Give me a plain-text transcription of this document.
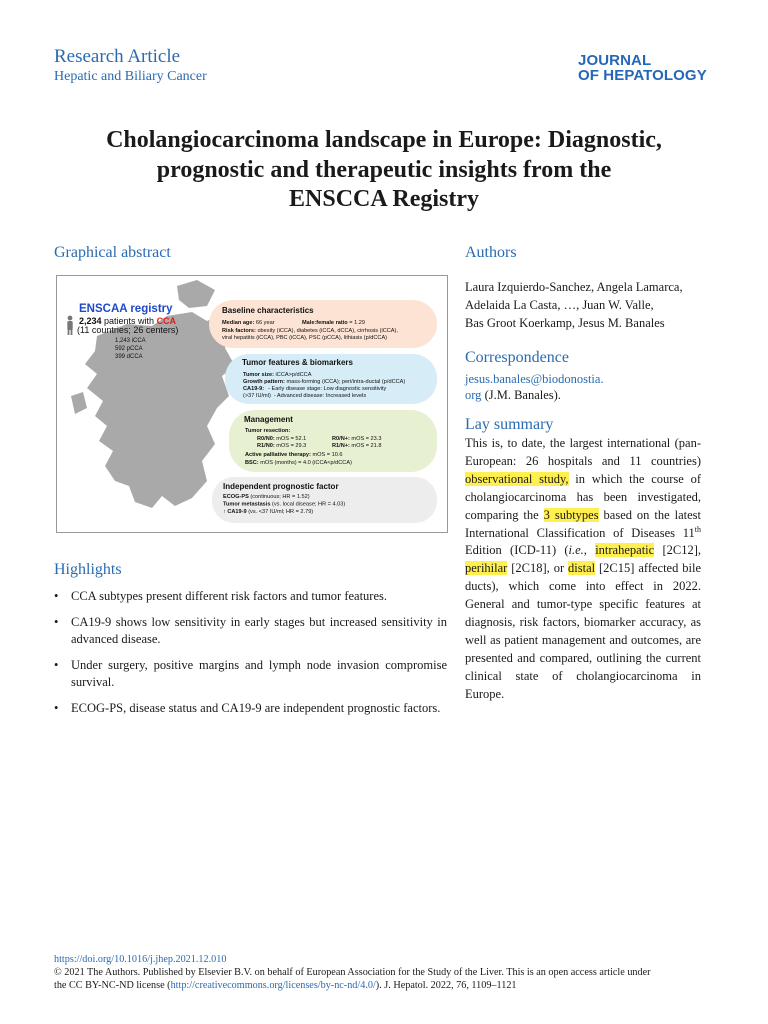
Research Article
Hepatic and Biliary Cancer
JOURNAL
OF HEPATOLOGY
Cholangiocarcinoma landscape in Europe: Diagnostic,
prognostic and therapeutic insights from the
ENSCCA Registry
Graphical abstract
Highlights
Authors
Correspondence
Lay summary
ENSCAA registry
2,234 patients with CCA
(11 countries; 26 centers)
1,243 iCCA
592 pCCA
399 dCCA
Baseline characteristics
Median age: 66 year	Male:female ratio = 1.29
Risk factors: obesity (iCCA), diabetes (iCCA, dCCA), cirrhosis (iCCA),
viral hepatitis (iCCA), PBC (iCCA), PSC (pCCA), lithiasis (p/dCCA)
Tumor features & biomarkers
Tumor size: iCCA>p/dCCA
Growth pattern: mass-forming (iCCA); peri/intra-ductal (p/dCCA)
CA19-9: - Early disease stage: Low diagnostic sensitivity
(>37 IU/ml) - Advanced disease: Increased levels
Management
Tumor resection:
R0/N0: mOS = 52.1	R0/N+: mOS = 23.3
R1/N0: mOS = 29.3	R1/N+: mOS = 21.8
Active palliative therapy: mOS = 10.6
BSC: mOS (months) = 4.0 (iCCA<p/dCCA)
Independent prognostic factor
ECOG-PS (continuous; HR = 1.52)
Tumor metastasis (vs. local disease; HR = 4.03)
↑ CA19-9 (vs. <37 IU/ml; HR = 2.79)
• CCA subtypes present different risk factors and tumor features.
• CA19-9 shows low sensitivity in early stages but increased sensitivity in advanced disease.
• Under surgery, positive margins and lymph node invasion compromise survival.
• ECOG-PS, disease status and CA19-9 are independent prognostic factors.
Laura Izquierdo-Sanchez, Angela Lamarca,
Adelaida La Casta, …, Juan W. Valle,
Bas Groot Koerkamp, Jesus M. Banales
jesus.banales@biodonostia.
org (J.M. Banales).
This is, to date, the largest international (pan-European: 26 hospitals and 11 countries) observational study, in which the course of cholangiocarcinoma has been investigated, comparing the 3 subtypes based on the latest International Classification of Diseases 11th Edition (ICD-11) (i.e., intrahepatic [2C12], perihilar [2C18], or distal [2C15] affected bile ducts), which come into effect in 2022. General and tumor-type specific features at diagnosis, risk factors, biomarker accuracy, as well as patient management and outcomes, are presented and compared, outlining the current clinical state of cholangiocarcinoma in Europe.
https://doi.org/10.1016/j.jhep.2021.12.010
© 2021 The Authors. Published by Elsevier B.V. on behalf of European Association for the Study of the Liver. This is an open access article under
the CC BY-NC-ND license (http://creativecommons.org/licenses/by-nc-nd/4.0/). J. Hepatol. 2022, 76, 1109–1121
